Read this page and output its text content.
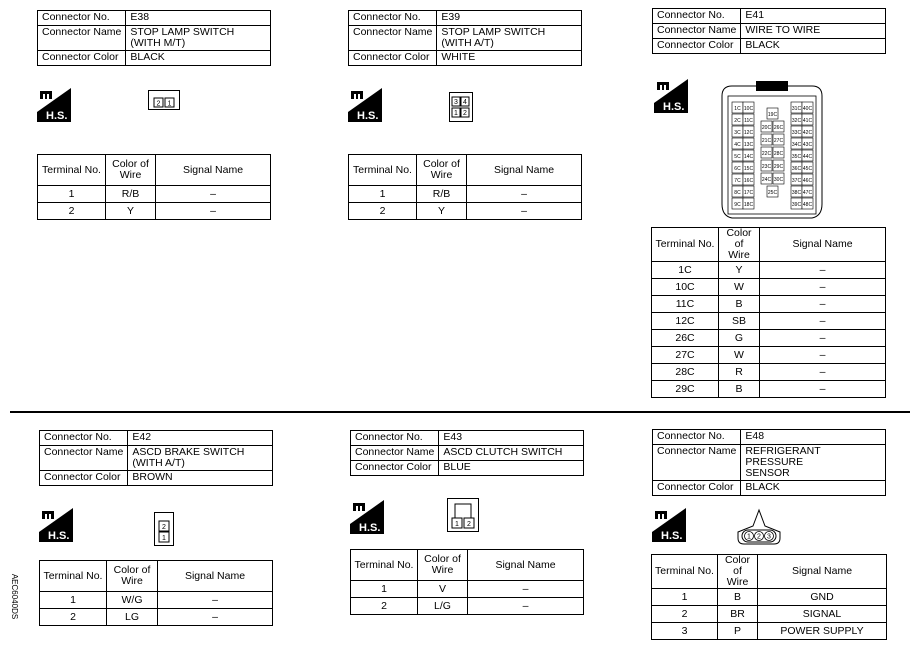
Connector No.	E38
Connector Name	STOP LAMP SWITCH
(WITH M/T)
Connector Color	BLACK
H.S.
2 1
Terminal No.	Color of
Wire	Signal Name
1	R/B	–
2	Y	–
Connector No.	E39
Connector Name	STOP LAMP SWITCH
(WITH A/T)
Connector Color	WHITE
H.S.
3 4
1 2
Terminal No.	Color of
Wire	Signal Name
1	R/B	–
2	Y	–
Connector No.	E41
Connector Name	WIRE TO WIRE
Connector Color	BLACK
H.S.	1C 10C
2C 11C
3C 12C
4C 13C
5C 14C
6C 15C
7C 16C
8C 17C
9C 18C
19C
20C 26C
21C 27C
22C 28C
23C 29C
24C 30C
25C
31C 40C
32C 41C
33C 42C
34C 43C
35C 44C
36C 45C
37C 46C
38C 47C
39C 48C
Terminal No.	Color of
Wire	Signal Name
1C	Y	–
10C	W	–
11C	B	–
12C	SB	–
26C	G	–
27C	W	–
28C	R	–
29C	B	–
Connector No.	E42
Connector Name	ASCD BRAKE SWITCH
(WITH A/T)
Connector Color	BROWN
H.S.
2
1
Terminal No.	Color of
Wire	Signal Name
1	W/G	–
2	LG	–
Connector No.	E43
Connector Name	ASCD CLUTCH SWITCH
Connector Color	BLUE
H.S.	1 2
Terminal No.	Color of
Wire	Signal Name
1	V	–
2	L/G	–
Connector No.	E48
Connector Name	REFRIGERANT PRESSURE
SENSOR
Connector Color	BLACK
H.S.	1 2 3
Terminal No.	Color of
Wire	Signal Name
1	B	GND
2	BR	SIGNAL
3	P	POWER SUPPLY
AEC6040DS
